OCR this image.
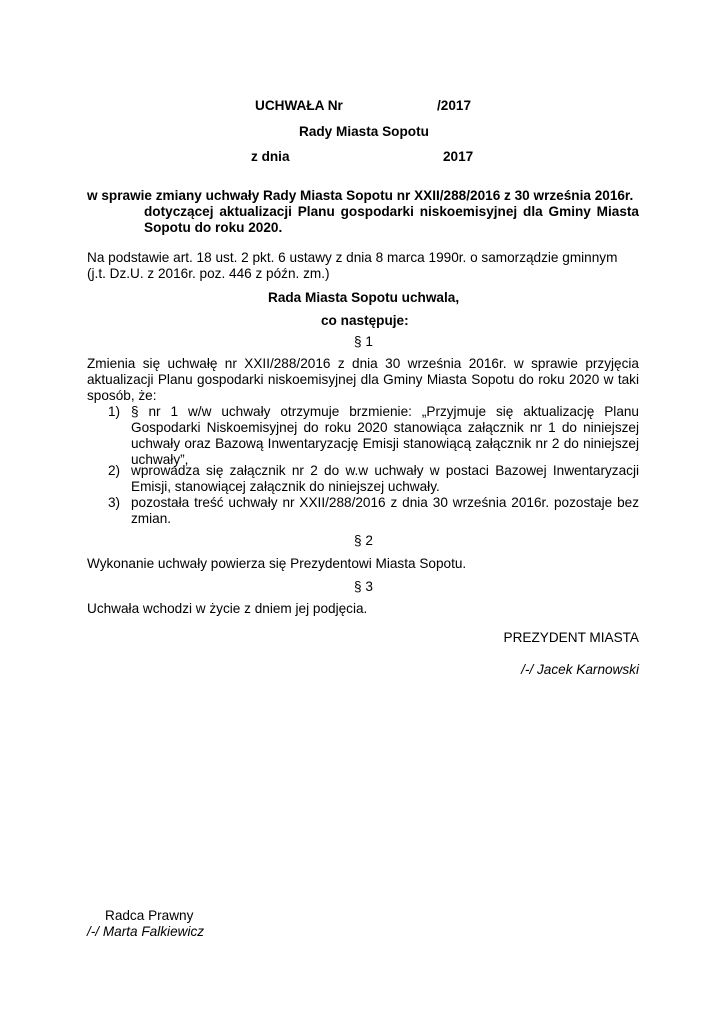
UCHWAŁA Nr	/2017
Rady Miasta Sopotu
z dnia	2017
w sprawie zmiany uchwały Rady Miasta Sopotu nr XXII/288/2016 z 30 września 2016r.
dotyczącej aktualizacji Planu gospodarki niskoemisyjnej dla Gminy Miasta
Sopotu do roku 2020.
Na podstawie art. 18 ust. 2 pkt. 6 ustawy z dnia 8 marca 1990r. o samorządzie gminnym
(j.t. Dz.U. z 2016r. poz. 446 z późn. zm.)
Rada Miasta Sopotu uchwala,
co następuje:
§ 1
Zmienia się uchwałę nr XXII/288/2016 z dnia 30 września 2016r. w sprawie przyjęcia
aktualizacji Planu gospodarki niskoemisyjnej dla Gminy Miasta Sopotu do roku 2020 w taki
sposób, że:
1) § nr 1 w/w uchwały otrzymuje brzmienie: „Przyjmuje się aktualizację Planu
Gospodarki Niskoemisyjnej do roku 2020 stanowiąca załącznik nr 1 do niniejszej
uchwały oraz Bazową Inwentaryzację Emisji stanowiącą załącznik nr 2 do niniejszej
uchwały”,
2) wprowadza się załącznik nr 2 do w.w uchwały w postaci Bazowej Inwentaryzacji
Emisji, stanowiącej załącznik do niniejszej uchwały.
3) pozostała treść uchwały nr XXII/288/2016 z dnia 30 września 2016r. pozostaje bez
zmian.
§ 2
Wykonanie uchwały powierza się Prezydentowi Miasta Sopotu.
§ 3
Uchwała wchodzi w życie z dniem jej podjęcia.
PREZYDENT MIASTA
/-/ Jacek Karnowski
Radca Prawny
/-/ Marta Falkiewicz
